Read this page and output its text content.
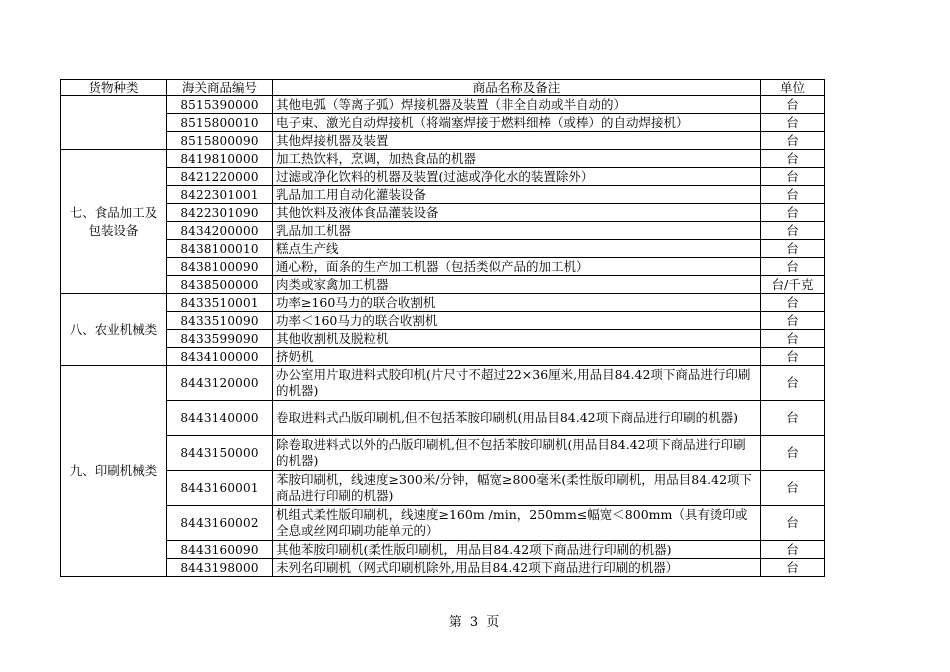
货物种类	海关商品编号	商品名称及备注	单位
	8515390000	其他电弧（等离子弧）焊接机器及装置（非全自动或半自动的）	台
	8515800010	电子束、激光自动焊接机（将端塞焊接于燃料细棒（或棒）的自动焊接机）	台
	8515800090	其他焊接机器及装置	台
七、食品加工及包装设备	8419810000	加工热饮料，烹调，加热食品的机器	台
	8421220000	过滤或净化饮料的机器及装置(过滤或净化水的装置除外）	台
	8422301001	乳品加工用自动化灌装设备	台
	8422301090	其他饮料及液体食品灌装设备	台
	8434200000	乳品加工机器	台
	8438100010	糕点生产线	台
	8438100090	通心粉，面条的生产加工机器（包括类似产品的加工机）	台
	8438500000	肉类或家禽加工机器	台/千克
八、农业机械类	8433510001	功率≥160马力的联合收割机	台
	8433510090	功率＜160马力的联合收割机	台
	8433599090	其他收割机及脱粒机	台
	8434100000	挤奶机	台
九、印刷机械类	8443120000	办公室用片取进料式胶印机(片尺寸不超过22×36厘米,用品目84.42项下商品进行印刷的机器)	台
	8443140000	卷取进料式凸版印刷机,但不包括苯胺印刷机(用品目84.42项下商品进行印刷的机器)	台
	8443150000	除卷取进料式以外的凸版印刷机,但不包括苯胺印刷机(用品目84.42项下商品进行印刷的机器)	台
	8443160001	苯胺印刷机，线速度≥300米/分钟，幅宽≥800毫米(柔性版印刷机，用品目84.42项下商品进行印刷的机器)	台
	8443160002	机组式柔性版印刷机，线速度≥160m /min，250mm≤幅宽＜800mm（具有烫印或全息或丝网印刷功能单元的）	台
	8443160090	其他苯胺印刷机(柔性版印刷机，用品目84.42项下商品进行印刷的机器)	台
	8443198000	未列名印刷机（网式印刷机除外,用品目84.42项下商品进行印刷的机器）	台
第 3 页
